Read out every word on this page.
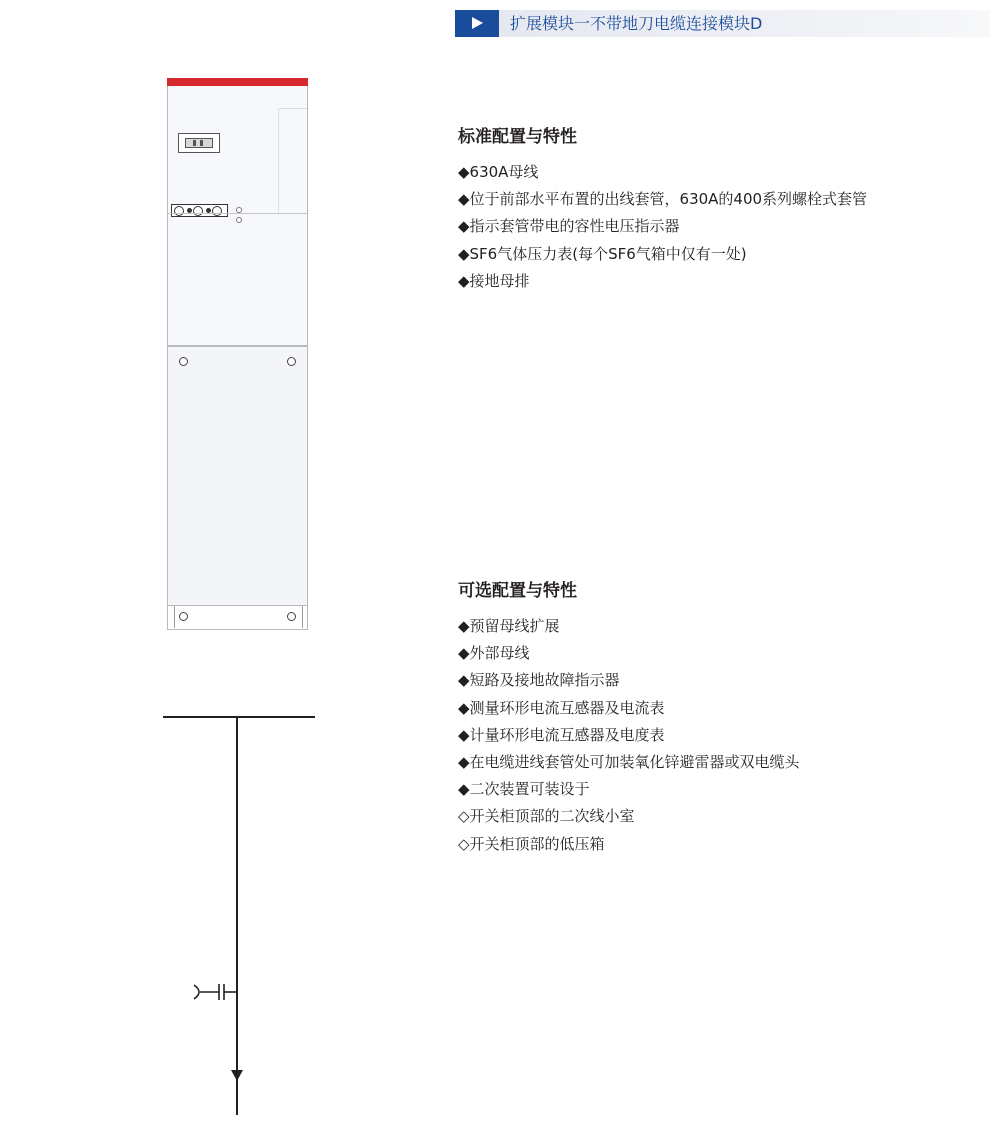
扩展模块一不带地刀电缆连接模块D
标准配置与特性
◆630A母线
◆位于前部水平布置的出线套管，630A的400系列螺栓式套管
◆指示套管带电的容性电压指示器
◆SF6气体压力表(每个SF6气箱中仅有一处)
◆接地母排
可选配置与特性
◆预留母线扩展
◆外部母线
◆短路及接地故障指示器
◆测量环形电流互感器及电流表
◆计量环形电流互感器及电度表
◆在电缆进线套管处可加装氧化锌避雷器或双电缆头
◆二次装置可装设于
◇开关柜顶部的二次线小室
◇开关柜顶部的低压箱
